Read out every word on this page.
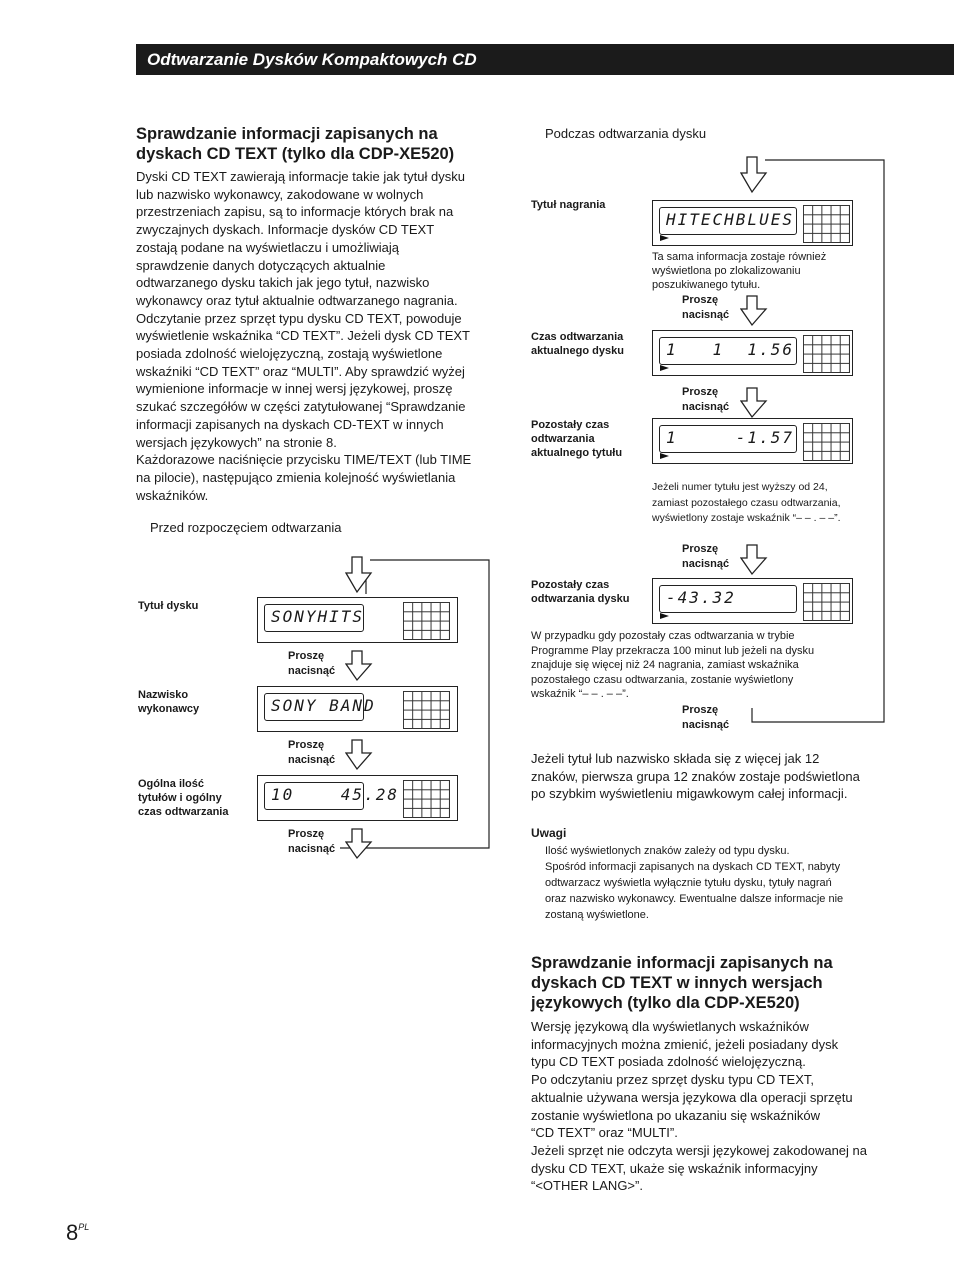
Odtwarzanie Dysków Kompaktowych CD
Sprawdzanie informacji zapisanych na
dyskach CD TEXT (tylko dla CDP-XE520)
Dyski CD TEXT zawierają informacje takie jak tytuł dysku
lub nazwisko wykonawcy, zakodowane w wolnych
przestrzeniach zapisu, są to informacje których brak na
zwyczajnych dyskach. Informacje dysków CD TEXT
zostają podane na wyświetlaczu i umożliwiają
sprawdzenie danych dotyczących aktualnie
odtwarzanego dysku takich jak jego tytuł, nazwisko
wykonawcy oraz tytuł aktualnie odtwarzanego nagrania.
Odczytanie przez sprzęt typu dysku CD TEXT, powoduje
wyświetlenie wskaźnika “CD TEXT”. Jeżeli dysk CD TEXT
posiada zdolność wielojęzyczną, zostają wyświetlone
wskaźniki “CD TEXT” oraz “MULTI”. Aby sprawdzić wyżej
wymienione informacje w innej wersj językowej, proszę
szukać szczegółów w części zatytułowanej “Sprawdzanie
informacji zapisanych na dyskach CD-TEXT w innych
wersjach językowych” na stronie 8.
Każdorazowe naciśnięcie przycisku TIME/TEXT (lub TIME
na pilocie), następująco zmienia kolejność wyświetlania
wskaźników.
Przed rozpoczęciem odtwarzania
Tytuł dysku
SONYHITS
Proszę
nacisnąć
Nazwisko
wykonawcy	SONY BAND
Proszę
nacisnąć
Ogólna ilość
tytułów i ogólny
czas odtwarzania
10    45.28
Proszę
nacisnąć
Podczas odtwarzania dysku
Tytuł nagrania
HITECHBLUES
Czas odtwarzania
aktualnego dysku	1   1  1.56
Pozostały czas
odtwarzania
aktualnego tytułu
1     -1.57
Pozostały czas
odtwarzania dysku -43.32
Proszę
nacisnąć
Proszę
nacisnąć
Proszę
nacisnąć
Proszę
nacisnąć
Ta sama informacja zostaje również
wyświetlona po zlokalizowaniu
poszukiwanego tytułu.
Jeżeli numer tytułu jest wyższy od 24,
zamiast pozostałego czasu odtwarzania,
wyświetlony zostaje wskaźnik “– – . – –”.
W przypadku gdy pozostały czas odtwarzania w trybie
Programme Play przekracza 100 minut lub jeżeli na dysku
znajduje się więcej niż 24 nagrania, zamiast wskaźnika
pozostałego czasu odtwarzania, zostanie wyświetlony
wskaźnik “– – . – –”.
Jeżeli tytuł lub nazwisko składa się z więcej jak 12
znaków, pierwsza grupa 12 znaków zostaje podświetlona
po szybkim wyświetleniu migawkowym całej informacji.
Uwagi
Ilość wyświetlonych znaków zależy od typu dysku.
Spośród informacji zapisanych na dyskach CD TEXT, nabyty
odtwarzacz wyświetla wyłącznie tytułu dysku, tytuły nagrań
oraz nazwisko wykonawcy. Ewentualne dalsze informacje nie
zostaną wyświetlone.
Sprawdzanie informacji zapisanych na
dyskach CD TEXT w innych wersjach
językowych (tylko dla CDP-XE520)
Wersję językową dla wyświetlanych wskaźników
informacyjnych można zmienić, jeżeli posiadany dysk
typu CD TEXT posiada zdolność wielojęzyczną.
Po odczytaniu przez sprzęt dysku typu CD TEXT,
aktualnie używana wersja językowa dla operacji sprzętu
zostanie wyświetlona po ukazaniu się wskaźników
“CD TEXT” oraz “MULTI”.
Jeżeli sprzęt nie odczyta wersji językowej zakodowanej na
dysku CD TEXT, ukaże się wskaźnik informacyjny
“<OTHER LANG>”.
$8^{PL}$
